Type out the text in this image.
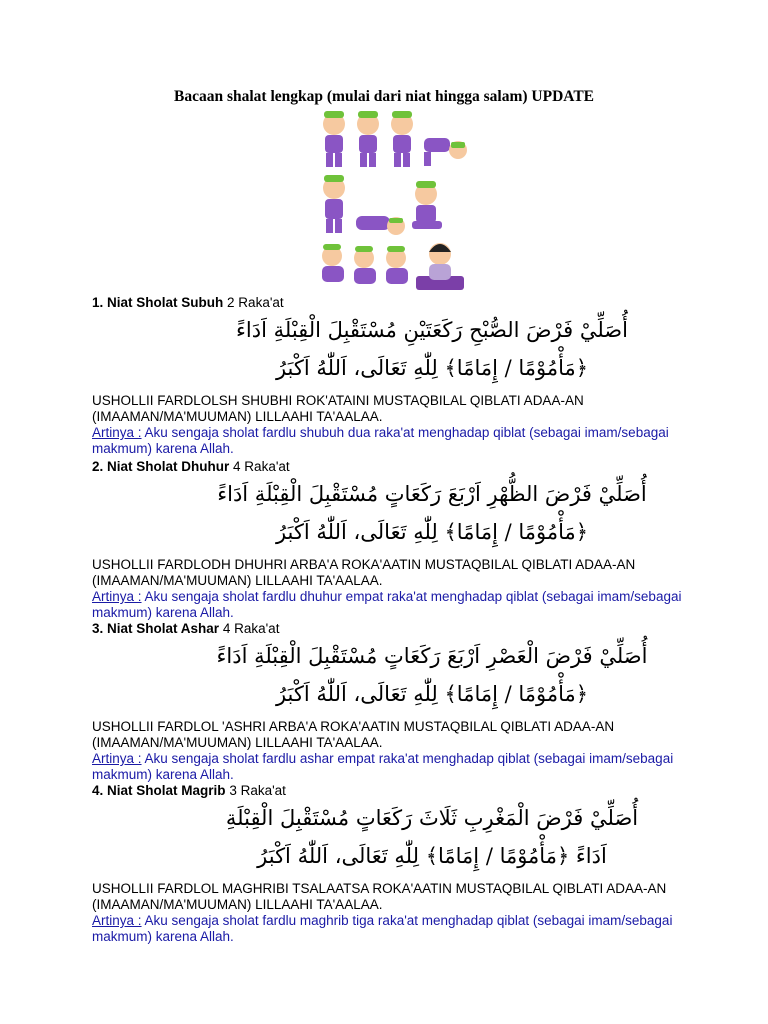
Bacaan shalat lengkap (mulai dari niat hingga salam) UPDATE
1. Niat Sholat Subuh 2 Raka'at
أُصَلِّيْ فَرْضَ الصُّبْحِ رَكَعَتَيْنِ مُسْتَقْبِلَ الْقِبْلَةِ اَدَاءً
﴿مَأْمُوْمًا / إِمَامًا﴾ لِلّٰهِ تَعَالَى، اَللّٰهُ اَكْبَرُ
USHOLLII FARDLOLSH SHUBHI ROK'ATAINI MUSTAQBILAL QIBLATI ADAA-AN (IMAAMAN/MA'MUUMAN) LILLAAHI TA'AALAA.
Artinya : Aku sengaja sholat fardlu shubuh dua raka'at menghadap qiblat (sebagai imam/sebagai makmum) karena Allah.
2. Niat Sholat Dhuhur 4 Raka'at
أُصَلِّيْ فَرْضَ الظُّهْرِ اَرْبَعَ رَكَعَاتٍ مُسْتَقْبِلَ الْقِبْلَةِ اَدَاءً
﴿مَأْمُوْمًا / إِمَامًا﴾ لِلّٰهِ تَعَالَى، اَللّٰهُ اَكْبَرُ
USHOLLII FARDLODH DHUHRI ARBA'A ROKA'AATIN MUSTAQBILAL QIBLATI ADAA-AN (IMAAMAN/MA'MUUMAN) LILLAAHI TA'AALAA.
Artinya : Aku sengaja sholat fardlu dhuhur empat raka'at menghadap qiblat (sebagai imam/sebagai makmum) karena Allah.
3. Niat Sholat Ashar 4 Raka'at
أُصَلِّيْ فَرْضَ الْعَصْرِ اَرْبَعَ رَكَعَاتٍ مُسْتَقْبِلَ الْقِبْلَةِ اَدَاءً
﴿مَأْمُوْمًا / إِمَامًا﴾ لِلّٰهِ تَعَالَى، اَللّٰهُ اَكْبَرُ
USHOLLII FARDLOL 'ASHRI ARBA'A ROKA'AATIN MUSTAQBILAL QIBLATI ADAA-AN (IMAAMAN/MA'MUUMAN) LILLAAHI TA'AALAA.
Artinya : Aku sengaja sholat fardlu ashar empat raka'at menghadap qiblat (sebagai imam/sebagai makmum) karena Allah.
4. Niat Sholat Magrib 3 Raka'at
أُصَلِّيْ فَرْضَ الْمَغْرِبِ ثَلَاثَ رَكَعَاتٍ مُسْتَقْبِلَ الْقِبْلَةِ
اَدَاءً ﴿مَأْمُوْمًا / إِمَامًا﴾ لِلّٰهِ تَعَالَى، اَللّٰهُ اَكْبَرُ
USHOLLII FARDLOL MAGHRIBI TSALAATSA ROKA'AATIN MUSTAQBILAL QIBLATI ADAA-AN (IMAAMAN/MA'MUUMAN) LILLAAHI TA'AALAA.
Artinya : Aku sengaja sholat fardlu maghrib tiga raka'at menghadap qiblat (sebagai imam/sebagai makmum) karena Allah.
